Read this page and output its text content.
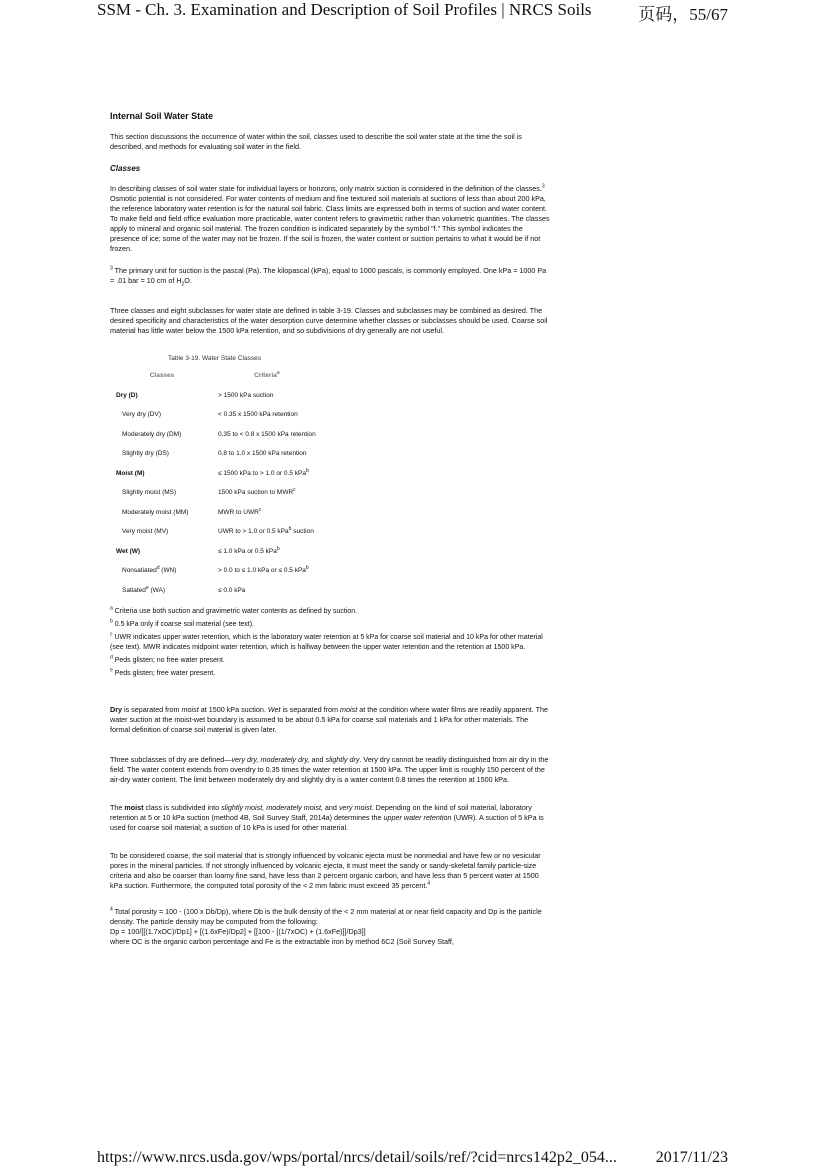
SSM - Ch. 3. Examination and Description of Soil Profiles | NRCS Soils	页码，55/67
Internal Soil Water State

This section discussions the occurrence of water within the soil, classes used to describe the soil water state at the time the soil is described, and methods for evaluating soil water in the field.

Classes

In describing classes of soil water state for individual layers or horizons, only matrix suction is considered in the definition of the classes.$^3$ Osmotic potential is not considered. For water contents of medium and fine textured soil materials at suctions of less than about 200 kPa, the reference laboratory water retention is for the natural soil fabric. Class limits are expressed both in terms of suction and water content. To make field and field office evaluation more practicable, water content refers to gravimetric rather than volumetric quantities. The classes apply to mineral and organic soil material. The frozen condition is indicated separately by the symbol "f." This symbol indicates the presence of ice; some of the water may not be frozen. If the soil is frozen, the water content or suction pertains to what it would be if not frozen.

$^3$ The primary unit for suction is the pascal (Pa). The kilopascal (kPa), equal to 1000 pascals, is commonly employed. One kPa = 1000 Pa = .01 bar = 10 cm of $H_2O$.

Three classes and eight subclasses for water state are defined in table 3-19. Classes and subclasses may be combined as desired. The desired specificity and characteristics of the water desorption curve determine whether classes or subclasses should be used. Coarse soil material has little water below the 1500 kPa retention, and so subdivisions of dry generally are not useful.

Table 3-19. Water State Classes
Classes	Criteria$^a$
Dry (D)	> 1500 kPa suction
Very dry (DV)	< 0.35 x 1500 kPa retention
Moderately dry (DM)	0.35 to < 0.8 x 1500 kPa retention
Slightly dry (DS)	0.8 to 1.0 x 1500 kPa retention
Moist (M)	≤ 1500 kPa to > 1.0 or 0.5 kPa$^b$
Slightly moist (MS)	1500 kPa suction to MWR$^c$
Moderately moist (MM)	MWR to UWR$^c$
Very moist (MV)	UWR to > 1.0 or 0.5 kPa$^b$ suction
Wet (W)	≤ 1.0 kPa or 0.5 kPa$^b$
Nonsatiated$^d$ (WN)	> 0.0 to ≤ 1.0 kPa or ≤ 0.5 kPa$^b$
Satiated$^e$ (WA)	≤ 0.0 kPa
$^a$ Criteria use both suction and gravimetric water contents as defined by suction.
$^b$ 0.5 kPa only if coarse soil material (see text).
$^c$ UWR indicates upper water retention, which is the laboratory water retention at 5 kPa for coarse soil material and 10 kPa for other material (see text). MWR indicates midpoint water retention, which is halfway between the upper water retention and the retention at 1500 kPa.
$^d$ Peds glisten; no free water present.
$^e$ Peds glisten; free water present.

Dry is separated from moist at 1500 kPa suction. Wet is separated from moist at the condition where water films are readily apparent. The water suction at the moist-wet boundary is assumed to be about 0.5 kPa for coarse soil materials and 1 kPa for other materials. The formal definition of coarse soil material is given later.

Three subclasses of dry are defined—very dry, moderately dry, and slightly dry. Very dry cannot be readily distinguished from air dry in the field. The water content extends from ovendry to 0.35 times the water retention at 1500 kPa. The upper limit is roughly 150 percent of the air-dry water content. The limit between moderately dry and slightly dry is a water content 0.8 times the retention at 1500 kPa.

The moist class is subdivided into slightly moist, moderately moist, and very moist. Depending on the kind of soil material, laboratory retention at 5 or 10 kPa suction (method 4B, Soil Survey Staff, 2014a) determines the upper water retention (UWR). A suction of 5 kPa is used for coarse soil material; a suction of 10 kPa is used for other material.

To be considered coarse, the soil material that is strongly influenced by volcanic ejecta must be nonmedial and have few or no vesicular pores in the mineral particles. If not strongly influenced by volcanic ejecta, it must meet the sandy or sandy-skeletal family particle-size criteria and also be coarser than loamy fine sand, have less than 2 percent organic carbon, and have less than 5 percent water at 1500 kPa suction. Furthermore, the computed total porosity of the < 2 mm fabric must exceed 35 percent.$^4$

$^4$ Total porosity = 100 - (100 x Db/Dp), where Db is the bulk density of the < 2 mm material at or near field capacity and Dp is the particle density. The particle density may be computed from the following:
Dp = 100/[[(1.7xOC)/Dp1] + [(1.6xFe)/Dp2] + [[100 - [(1/7xOC) + (1.6xFe)]]/Dp3]]
where OC is the organic carbon percentage and Fe is the extractable iron by method 6C2 (Soil Survey Staff,

https://www.nrcs.usda.gov/wps/portal/nrcs/detail/soils/ref/?cid=nrcs142p2_054... 2017/11/23
